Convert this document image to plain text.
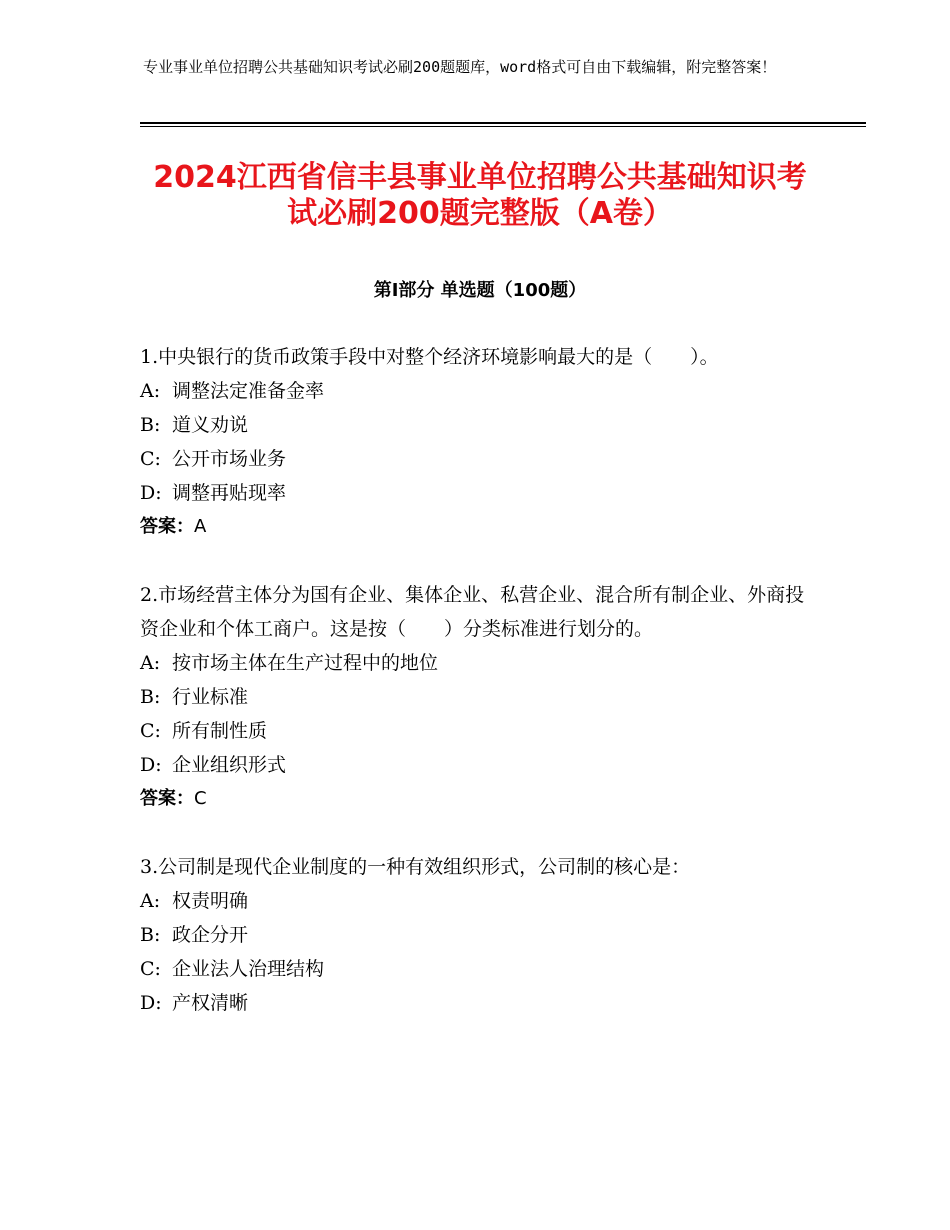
专业事业单位招聘公共基础知识考试必刷200题题库，word格式可自由下载编辑，附完整答案！
2024江西省信丰县事业单位招聘公共基础知识考试必刷200题完整版（A卷）
第Ⅰ部分 单选题（100题）

1.中央银行的货币政策手段中对整个经济环境影响最大的是（　　）。

A: 调整法定准备金率
B: 道义劝说
C: 公开市场业务
D: 调整再贴现率
答案：A

2.市场经营主体分为国有企业、集体企业、私营企业、混合所有制企业、外商投资企业和个体工商户。这是按（　　）分类标准进行划分的。

A: 按市场主体在生产过程中的地位
B: 行业标准
C: 所有制性质
D: 企业组织形式
答案：C

3.公司制是现代企业制度的一种有效组织形式，公司制的核心是：

A: 权责明确
B: 政企分开
C: 企业法人治理结构
D: 产权清晰
